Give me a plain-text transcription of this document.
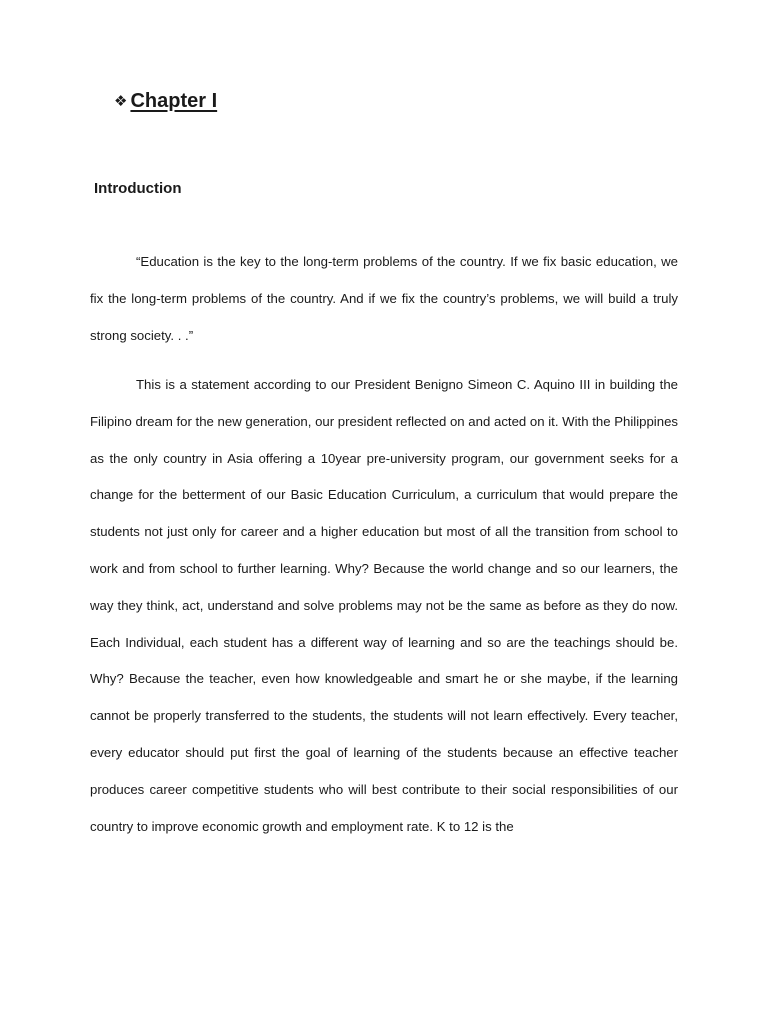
❖ Chapter I
Introduction

“Education is the key to the long-term problems of the country. If we fix basic education, we fix the long-term problems of the country. And if we fix the country’s problems, we will build a truly strong society. . .”

This is a statement according to our President Benigno Simeon C. Aquino III in building the Filipino dream for the new generation, our president reflected on and acted on it. With the Philippines as the only country in Asia offering a 10year pre-university program, our government seeks for a change for the betterment of our Basic Education Curriculum, a curriculum that would prepare the students not just only for career and a higher education but most of all the transition from school to work and from school to further learning. Why? Because the world change and so our learners, the way they think, act, understand and solve problems may not be the same as before as they do now. Each Individual, each student has a different way of learning and so are the teachings should be. Why? Because the teacher, even how knowledgeable and smart he or she maybe, if the learning cannot be properly transferred to the students, the students will not learn effectively. Every teacher, every educator should put first the goal of learning of the students because an effective teacher produces career competitive students who will best contribute to their social responsibilities of our country to improve economic growth and employment rate. K to 12 is the
